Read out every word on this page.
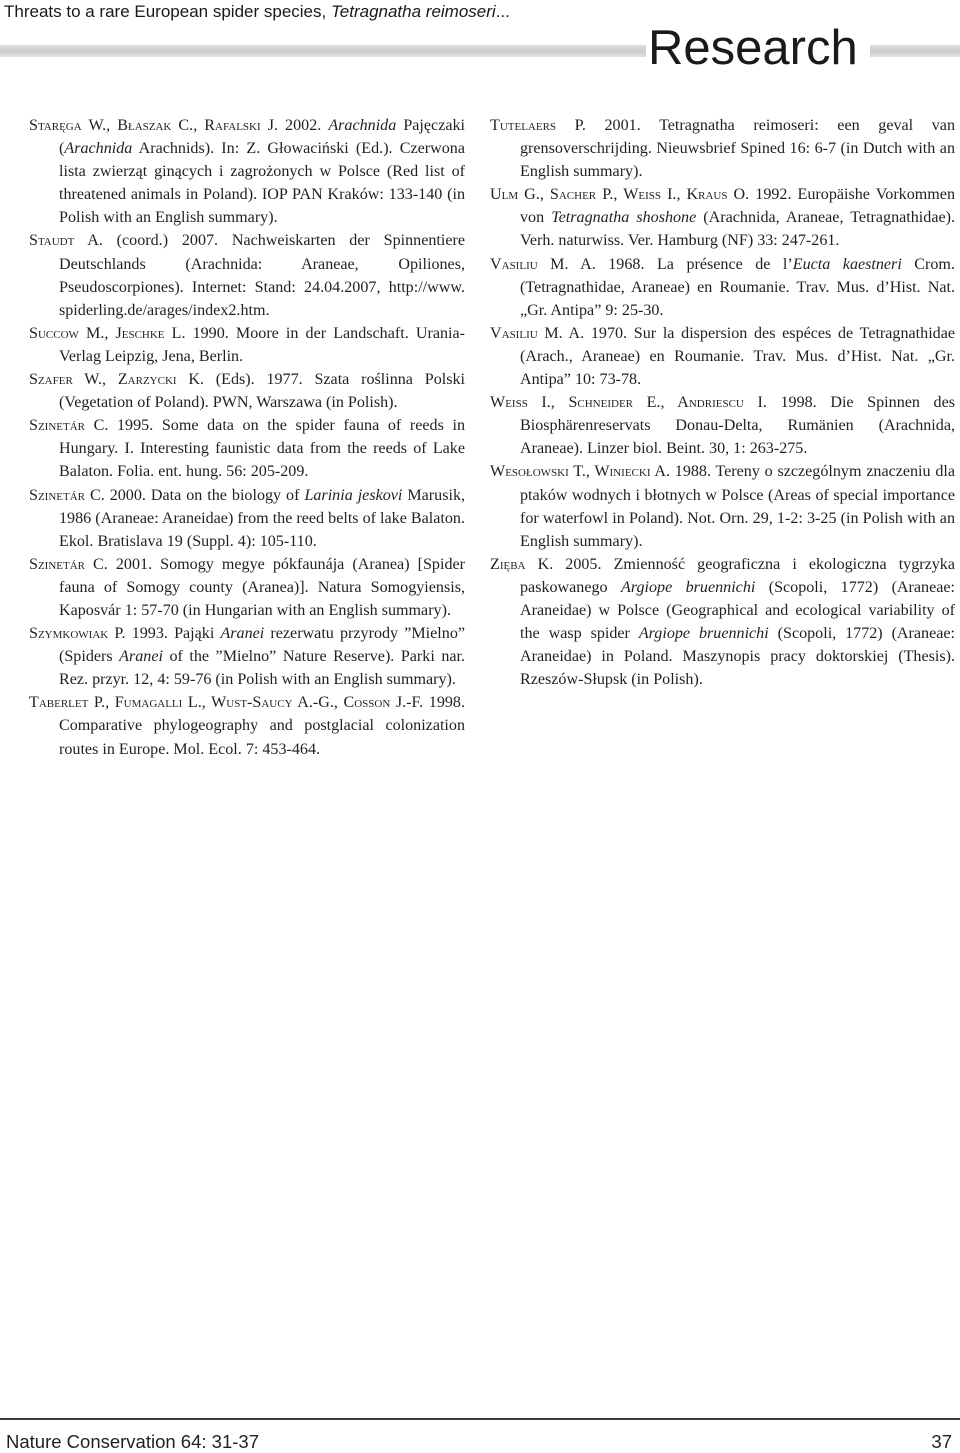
Threats to a rare European spider species, Tetragnatha reimoseri...
Research
Staręga W., Błaszak C., Rafalski J. 2002. Arachnida Pajęczaki (Arachnida Arachnids). In: Z. Głowaciński (Ed.). Czerwona lista zwierząt ginących i zagrożonych w Polsce (Red list of threatened animals in Poland). IOP PAN Kraków: 133-140 (in Polish with an English summary).
Staudt A. (coord.) 2007. Nachweiskarten der Spinnentiere Deutschlands (Arachnida: Araneae, Opiliones, Pseudoscorpiones). Internet: Stand: 24.04.2007, http://www. spiderling.de/arages/index2.htm.
Succow M., Jeschke L. 1990. Moore in der Landschaft. Urania-Verlag Leipzig, Jena, Berlin.
Szafer W., Zarzycki K. (Eds). 1977. Szata roślinna Polski (Vegetation of Poland). PWN, Warszawa (in Polish).
Szinetár C. 1995. Some data on the spider fauna of reeds in Hungary. I. Interesting faunistic data from the reeds of Lake Balaton. Folia. ent. hung. 56: 205-209.
Szinetár C. 2000. Data on the biology of Larinia jeskovi Marusik, 1986 (Araneae: Araneidae) from the reed belts of lake Balaton. Ekol. Bratislava 19 (Suppl. 4): 105-110.
Szinetár C. 2001. Somogy megye pókfaunája (Aranea) [Spider fauna of Somogy county (Aranea)]. Natura Somogyiensis, Kaposvár 1: 57-70 (in Hungarian with an English summary).
Szymkowiak P. 1993. Pająki Aranei rezerwatu przyrody ”Mielno” (Spiders Aranei of the ”Mielno” Nature Reserve). Parki nar. Rez. przyr. 12, 4: 59-76 (in Polish with an English summary).
Taberlet P., Fumagalli L., Wust-Saucy A.-G., Cosson J.-F. 1998. Comparative phylogeography and postglacial colonization routes in Europe. Mol. Ecol. 7: 453-464.
Tutelaers P. 2001. Tetragnatha reimoseri: een geval van grensoverschrijding. Nieuwsbrief Spined 16: 6-7 (in Dutch with an English summary).
Ulm G., Sacher P., Weiss I., Kraus O. 1992. Europäishe Vorkommen von Tetragnatha shoshone (Arachnida, Araneae, Tetragnathidae). Verh. naturwiss. Ver. Hamburg (NF) 33: 247-261.
Vasiliu M. A. 1968. La présence de l’Eucta kaestneri Crom. (Tetragnathidae, Araneae) en Roumanie. Trav. Mus. d’Hist. Nat. „Gr. Antipa” 9: 25-30.
Vasiliu M. A. 1970. Sur la dispersion des espéces de Tetragnathidae (Arach., Araneae) en Roumanie. Trav. Mus. d’Hist. Nat. „Gr. Antipa” 10: 73-78.
Weiss I., Schneider E., Andriescu I. 1998. Die Spinnen des Biosphärenreservats Donau-Delta, Rumänien (Arachnida, Araneae). Linzer biol. Beint. 30, 1: 263-275.
Wesołowski T., Winiecki A. 1988. Tereny o szczególnym znaczeniu dla ptaków wodnych i błotnych w Polsce (Areas of special importance for waterfowl in Poland). Not. Orn. 29, 1-2: 3-25 (in Polish with an English summary).
Zięba K. 2005. Zmienność geograficzna i ekologiczna tygrzyka paskowanego Argiope bruennichi (Scopoli, 1772) (Araneae: Araneidae) w Polsce (Geographical and ecological variability of the wasp spider Argiope bruennichi (Scopoli, 1772) (Araneae: Araneidae) in Poland. Maszynopis pracy doktorskiej (Thesis). Rzeszów-Słupsk (in Polish).
Nature Conservation 64: 31-37	37
